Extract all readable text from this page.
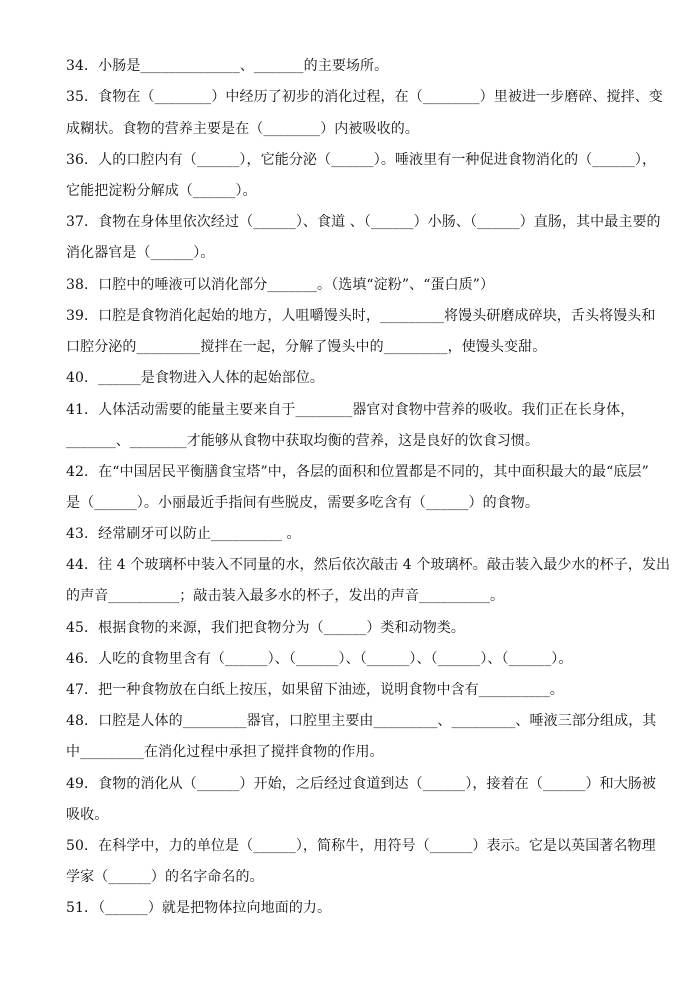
34．小肠是______________、_______的主要场所。
35．食物在（________）中经历了初步的消化过程，在（________）里被进一步磨碎、搅拌、变
成糊状。食物的营养主要是在（________）内被吸收的。
36．人的口腔内有（______），它能分泌（______）。唾液里有一种促进食物消化的（______），
它能把淀粉分解成（______）。
37．食物在身体里依次经过（______）、食道 、（______）小肠、（______）直肠，其中最主要的
消化器官是（______）。
38．口腔中的唾液可以消化部分_______。（选填“淀粉”、“蛋白质”）
39．口腔是食物消化起始的地方，人咀嚼馒头时，_________将馒头研磨成碎块，舌头将馒头和
口腔分泌的_________搅拌在一起，分解了馒头中的_________，使馒头变甜。
40．______是食物进入人体的起始部位。
41．人体活动需要的能量主要来自于________器官对食物中营养的吸收。我们正在长身体，
_______、________才能够从食物中获取均衡的营养，这是良好的饮食习惯。
42．在“中国居民平衡膳食宝塔”中，各层的面积和位置都是不同的，其中面积最大的最“底层”
是（______）。小丽最近手指间有些脱皮，需要多吃含有（______）的食物。
43．经常刷牙可以防止__________ 。
44．往 4 个玻璃杯中装入不同量的水，然后依次敲击 4 个玻璃杯。敲击装入最少水的杯子，发出
的声音__________；敲击装入最多水的杯子，发出的声音__________。
45．根据食物的来源，我们把食物分为（______）类和动物类。
46．人吃的食物里含有（______）、（______）、（______）、（______）、（______）。
47．把一种食物放在白纸上按压，如果留下油迹，说明食物中含有__________。
48．口腔是人体的_________器官，口腔里主要由_________、_________、唾液三部分组成，其
中_________在消化过程中承担了搅拌食物的作用。
49．食物的消化从（______）开始，之后经过食道到达（______），接着在（______）和大肠被
吸收。
50．在科学中，力的单位是（______），简称牛，用符号（______）表示。它是以英国著名物理
学家（______）的名字命名的。
51．（______）就是把物体拉向地面的力。
